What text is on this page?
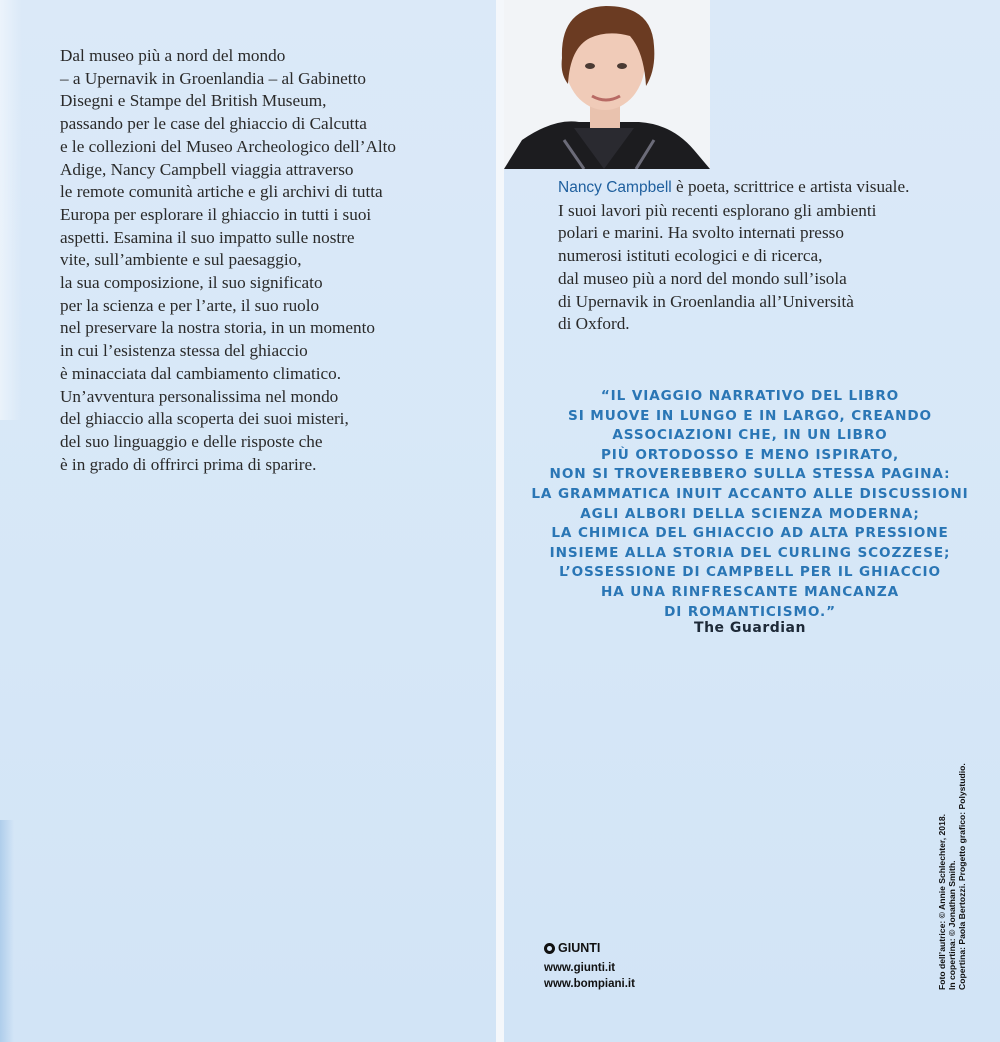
Dal museo più a nord del mondo
– a Upernavik in Groenlandia – al Gabinetto
Disegni e Stampe del British Museum,
passando per le case del ghiaccio di Calcutta
e le collezioni del Museo Archeologico dell’Alto
Adige, Nancy Campbell viaggia attraverso
le remote comunità artiche e gli archivi di tutta
Europa per esplorare il ghiaccio in tutti i suoi
aspetti. Esamina il suo impatto sulle nostre
vite, sull’ambiente e sul paesaggio,
la sua composizione, il suo significato
per la scienza e per l’arte, il suo ruolo
nel preservare la nostra storia, in un momento
in cui l’esistenza stessa del ghiaccio
è minacciata dal cambiamento climatico.
Un’avventura personalissima nel mondo
del ghiaccio alla scoperta dei suoi misteri,
del suo linguaggio e delle risposte che
è in grado di offrirci prima di sparire.
Nancy Campbell è poeta, scrittrice e artista visuale.
I suoi lavori più recenti esplorano gli ambienti
polari e marini. Ha svolto internati presso
numerosi istituti ecologici e di ricerca,
dal museo più a nord del mondo sull’isola
di Upernavik in Groenlandia all’Università
di Oxford.
“IL VIAGGIO NARRATIVO DEL LIBRO
SI MUOVE IN LUNGO E IN LARGO, CREANDO
ASSOCIAZIONI CHE, IN UN LIBRO
PIÙ ORTODOSSO E MENO ISPIRATO,
NON SI TROVEREBBERO SULLA STESSA PAGINA:
LA GRAMMATICA INUIT ACCANTO ALLE DISCUSSIONI
AGLI ALBORI DELLA SCIENZA MODERNA;
LA CHIMICA DEL GHIACCIO AD ALTA PRESSIONE
INSIEME ALLA STORIA DEL CURLING SCOZZESE;
L’OSSESSIONE DI CAMPBELL PER IL GHIACCIO
HA UNA RINFRESCANTE MANCANZA
DI ROMANTICISMO.”
The Guardian
GIUNTI
www.giunti.it
www.bompiani.it	Foto dell’autrice: © Annie Schlechter, 2018. In copertina: © Jonathan Smith. Copertina: Paola Bertozzi. Progetto grafico: Polystudio.
